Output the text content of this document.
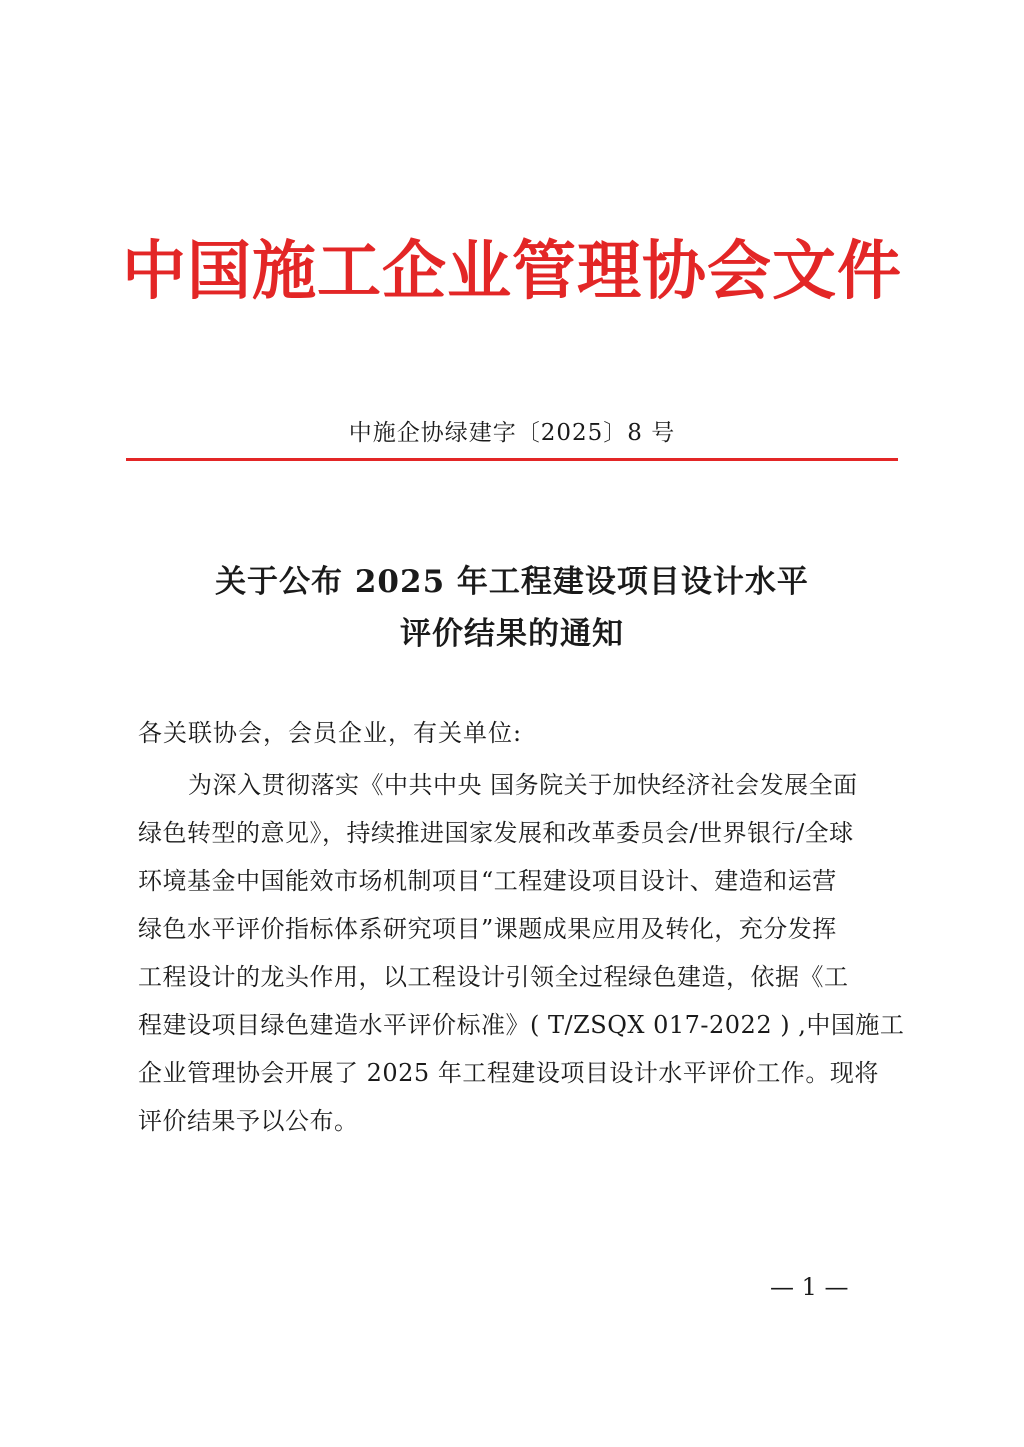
中国施工企业管理协会文件
中施企协绿建字〔2025〕8 号
关于公布 2025 年工程建设项目设计水平
评价结果的通知
各关联协会，会员企业，有关单位:
为深入贯彻落实《中共中央 国务院关于加快经济社会发展全面
绿色转型的意见》，持续推进国家发展和改革委员会/世界银行/全球
环境基金中国能效市场机制项目“工程建设项目设计、建造和运营
绿色水平评价指标体系研究项目”课题成果应用及转化，充分发挥
工程设计的龙头作用，以工程设计引领全过程绿色建造，依据《工
程建设项目绿色建造水平评价标准》( T/ZSQX 017-2022 ) ,中国施工
企业管理协会开展了 2025 年工程建设项目设计水平评价工作。现将
评价结果予以公布。
— 1 —
